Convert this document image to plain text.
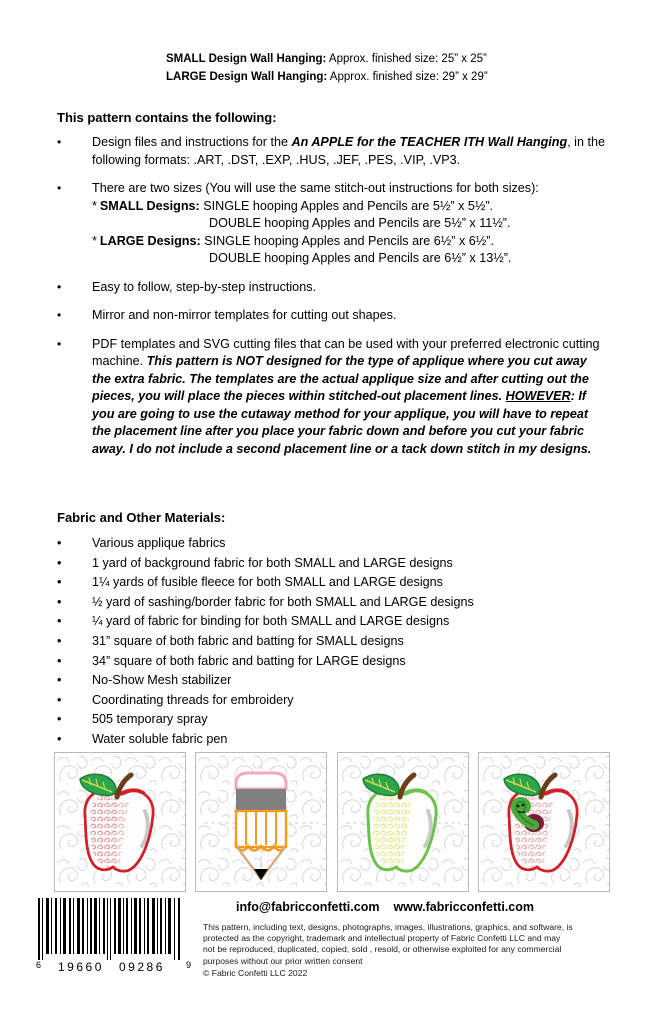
SMALL Design Wall Hanging: Approx. finished size: 25” x 25”
LARGE Design Wall Hanging: Approx. finished size: 29” x 29”
This pattern contains the following:
•	Design files and instructions for the An APPLE for the TEACHER ITH Wall Hanging, in the following formats: .ART, .DST, .EXP, .HUS, .JEF, .PES, .VIP, .VP3.
•	There are two sizes (You will use the same stitch-out instructions for both sizes):
* SMALL Designs: SINGLE hooping Apples and Pencils are 5½” x 5½”.
DOUBLE hooping Apples and Pencils are 5½” x 11½”.
* LARGE Designs: SINGLE hooping Apples and Pencils are 6½” x 6½”.
DOUBLE hooping Apples and Pencils are 6½” x 13½”.
•	Easy to follow, step-by-step instructions.
•	Mirror and non-mirror templates for cutting out shapes.
•	PDF templates and SVG cutting files that can be used with your preferred electronic cutting machine. This pattern is NOT designed for the type of applique where you cut away the extra fabric. The templates are the actual applique size and after cutting out the pieces, you will place the pieces within stitched-out placement lines. HOWEVER: If you are going to use the cutaway method for your applique, you will have to repeat the placement line after you place your fabric down and before you cut your fabric away. I do not include a second placement line or a tack down stitch in my designs.
Fabric and Other Materials:
•	Various applique fabrics
•	1 yard of background fabric for both SMALL and LARGE designs
•	1¼ yards of fusible fleece for both SMALL and LARGE designs
•	½ yard of sashing/border fabric for both SMALL and LARGE designs
•	¼ yard of fabric for binding for both SMALL and LARGE designs
•	31” square of both fabric and batting for SMALL designs
•	34” square of both fabric and batting for LARGE designs
•	No-Show Mesh stabilizer
•	Coordinating threads for embroidery
•	505 temporary spray
•	Water soluble fabric pen
6 19660 09286 9
info@fabricconfetti.com www.fabricconfetti.com
This pattern, including text, designs, photographs, images, illustrations, graphics, and software, is protected as the copyright, trademark and intellectual property of Fabric Confetti LLC and may not be reproduced, duplicated, copied, sold , resold, or otherwise exploited for any commercial purposes without our prior written consent
© Fabric Confetti LLC 2022
